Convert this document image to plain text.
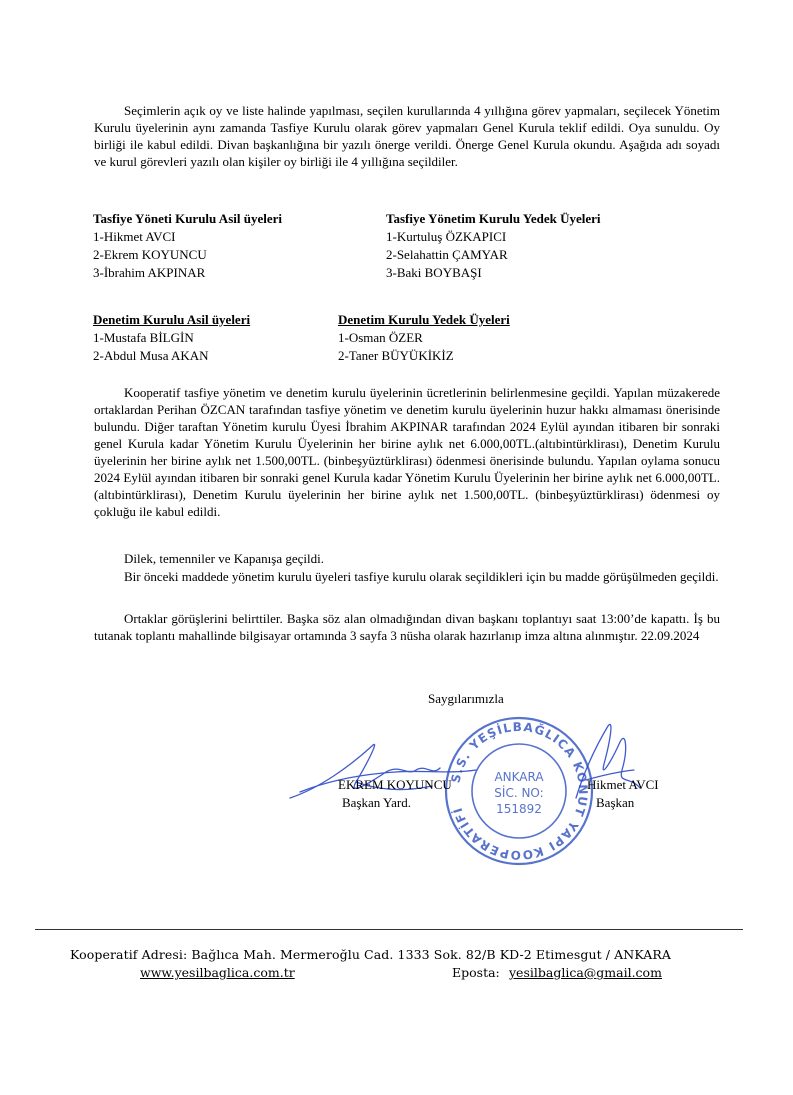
Seçimlerin açık oy ve liste halinde yapılması, seçilen kurullarında 4 yıllığına görev yapmaları, seçilecek Yönetim Kurulu üyelerinin aynı zamanda Tasfiye Kurulu olarak görev yapmaları Genel Kurula teklif edildi. Oya sunuldu. Oy birliği ile kabul edildi. Divan başkanlığına bir yazılı önerge verildi. Önerge Genel Kurula okundu. Aşağıda adı soyadı ve kurul görevleri yazılı olan kişiler oy birliği ile 4 yıllığına seçildiler.

Tasfiye Yöneti Kurulu Asil üyeleri
1-Hikmet AVCI
2-Ekrem KOYUNCU
3-İbrahim AKPINAR
Tasfiye Yönetim Kurulu Yedek Üyeleri
1-Kurtuluş ÖZKAPICI
2-Selahattin ÇAMYAR
3-Baki BOYBAŞI
Denetim Kurulu Asil üyeleri
1-Mustafa BİLGİN
2-Abdul Musa AKAN
Denetim Kurulu Yedek Üyeleri
1-Osman ÖZER
2-Taner BÜYÜKİKİZ

Kooperatif tasfiye yönetim ve denetim kurulu üyelerinin ücretlerinin belirlenmesine geçildi. Yapılan müzakerede ortaklardan Perihan ÖZCAN tarafından tasfiye yönetim ve denetim kurulu üyelerinin huzur hakkı almaması önerisinde bulundu. Diğer taraftan Yönetim kurulu Üyesi İbrahim AKPINAR tarafından 2024 Eylül ayından itibaren bir sonraki genel Kurula kadar Yönetim Kurulu Üyelerinin her birine aylık net 6.000,00TL.(altıbintürklirası), Denetim Kurulu üyelerinin her birine aylık net 1.500,00TL. (binbeşyüztürklirası) ödenmesi önerisinde bulundu. Yapılan oylama sonucu 2024 Eylül ayından itibaren bir sonraki genel Kurula kadar Yönetim Kurulu Üyelerinin her birine aylık net 6.000,00TL.(altıbintürklirası), Denetim Kurulu üyelerinin her birine aylık net 1.500,00TL. (binbeşyüztürklirası) ödenmesi oy çokluğu ile kabul edildi.

Dilek, temenniler ve Kapanışa geçildi.

Bir önceki maddede yönetim kurulu üyeleri tasfiye kurulu olarak seçildikleri için bu madde görüşülmeden geçildi.

Ortaklar görüşlerini belirttiler. Başka söz alan olmadığından divan başkanı toplantıyı saat 13:00’de kapattı. İş bu tutanak toplantı mahallinde bilgisayar ortamında 3 sayfa 3 nüsha olarak hazırlanıp imza altına alınmıştır. 22.09.2024

Saygılarımızla
S.S. YEŞİLBAĞLICA KONUT YAPI KOOPERATİFİ
ANKARA
SİC. NO:
151892
EKREM KOYUNCU
Başkan Yard.
Hikmet AVCI
Başkan
Kooperatif Adresi: Bağlıca Mah. Mermeroğlu Cad. 1333 Sok. 82/B KD-2 Etimesgut / ANKARA
www.yesilbaglica.com.tr	Eposta: yesilbaglica@gmail.com
